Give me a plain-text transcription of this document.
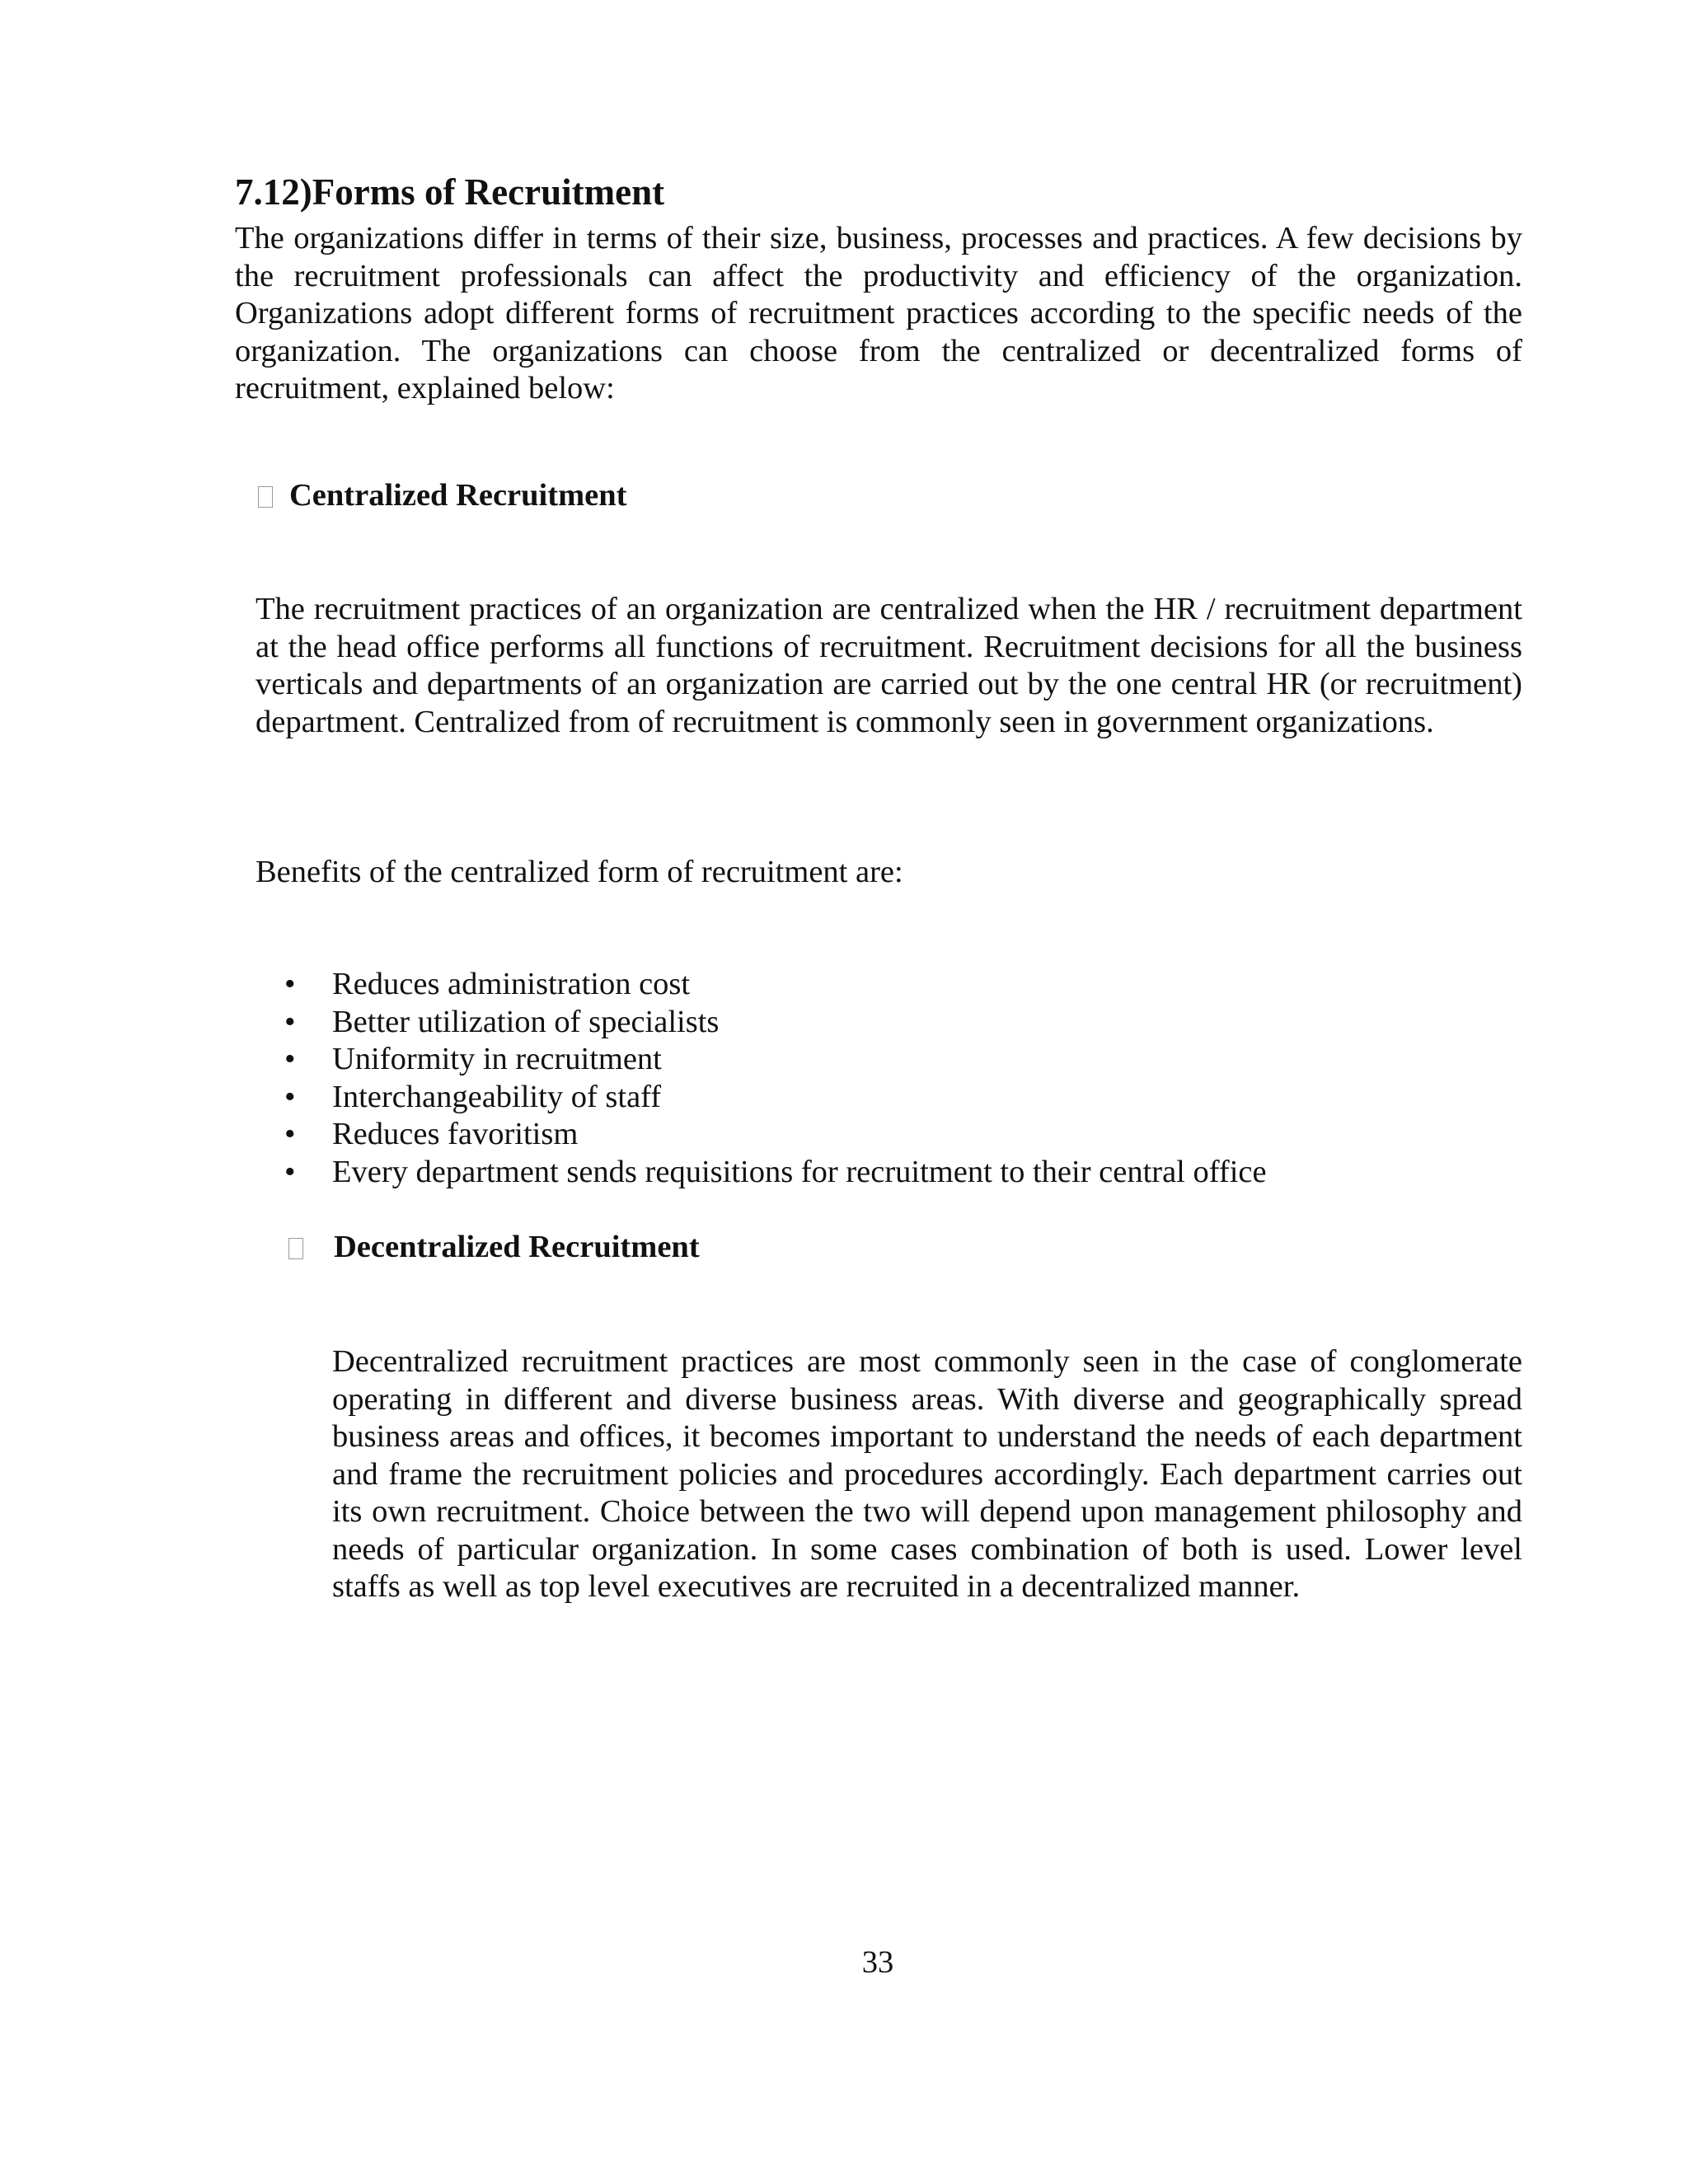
7.12)Forms of Recruitment

The organizations differ in terms of their size, business, processes and practices. A few decisions by the recruitment professionals can affect the productivity and efficiency of the organization. Organizations adopt different forms of recruitment practices according to the specific needs of the organization. The organizations can choose from the centralized or decentralized forms of recruitment, explained below:

Centralized Recruitment

The recruitment practices of an organization are centralized when the HR / recruitment department at the head office performs all functions of recruitment. Recruitment decisions for all the business verticals and departments of an organization are carried out by the one central HR (or recruitment) department. Centralized from of recruitment is commonly seen in government organizations.

Benefits of the centralized form of recruitment are:

• Reduces administration cost
• Better utilization of specialists
• Uniformity in recruitment
• Interchangeability of staff
• Reduces favoritism
• Every department sends requisitions for recruitment to their central office
Decentralized Recruitment

Decentralized recruitment practices are most commonly seen in the case of conglomerate operating in different and diverse business areas. With diverse and geographically spread business areas and offices, it becomes important to understand the needs of each department and frame the recruitment policies and procedures accordingly. Each department carries out its own recruitment. Choice between the two will depend upon management philosophy and needs of particular organization. In some cases combination of both is used. Lower level staffs as well as top level executives are recruited in a decentralized manner.

33
